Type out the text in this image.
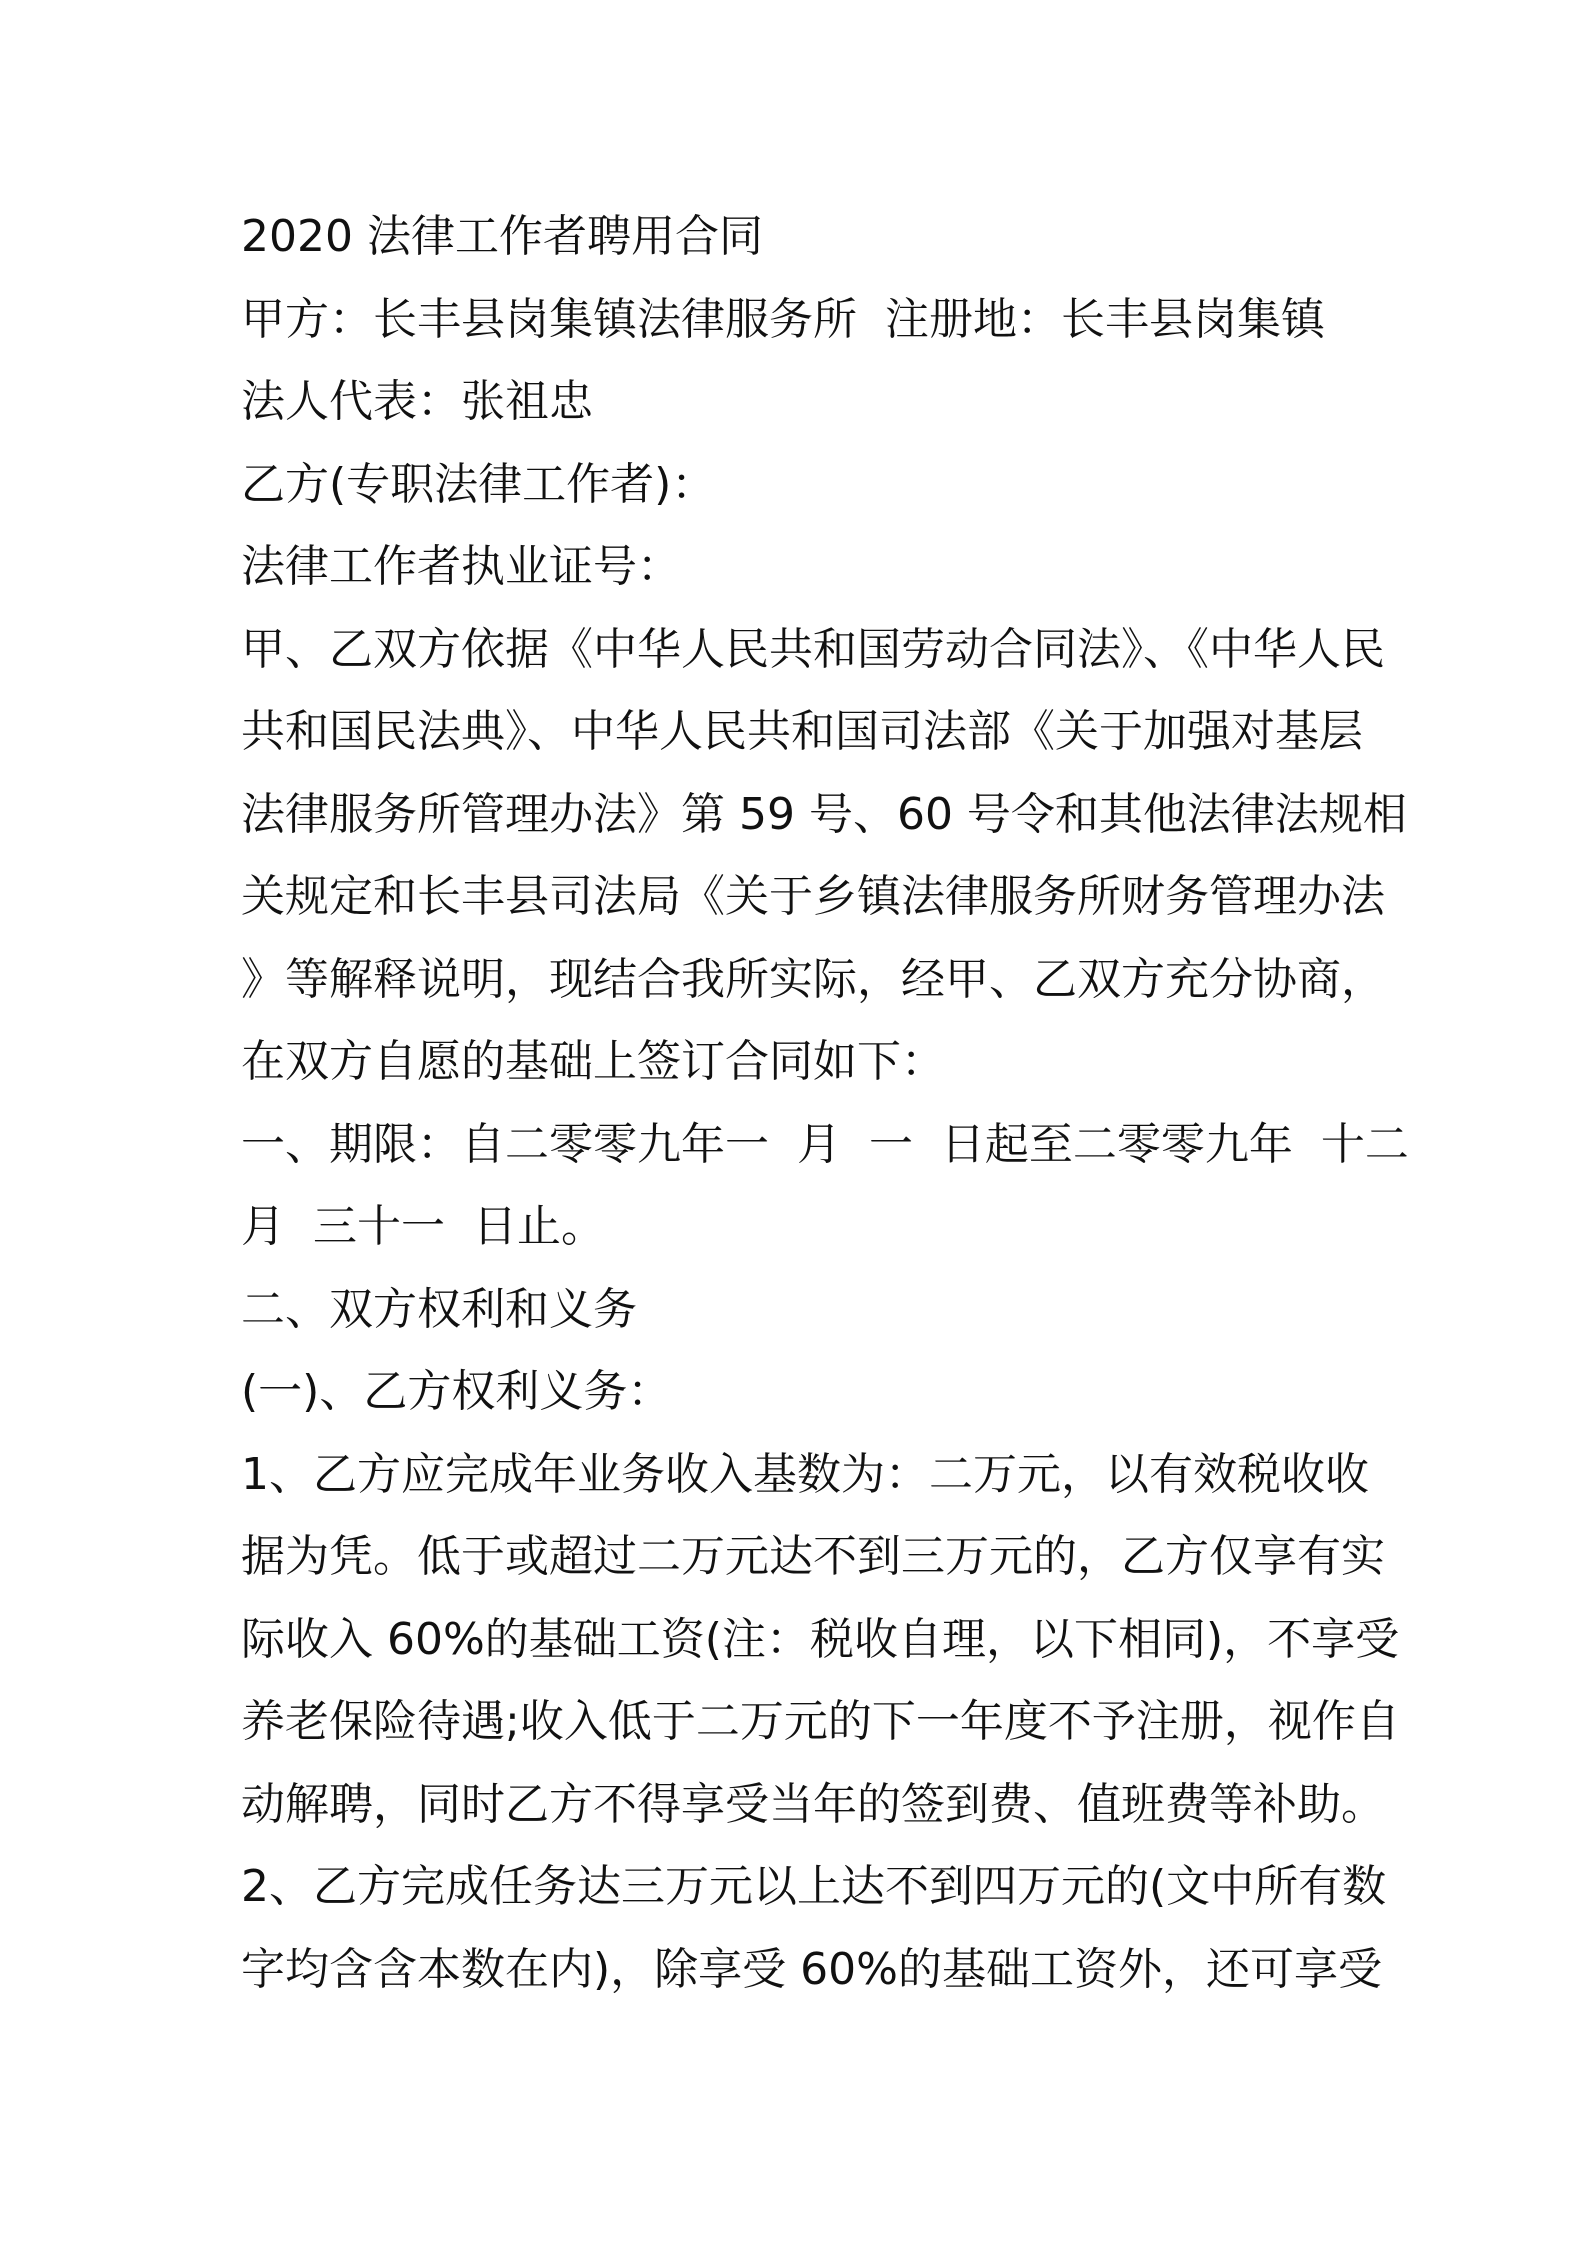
2020 法律工作者聘用合同
甲方：长丰县岗集镇法律服务所  注册地：长丰县岗集镇
法人代表：张祖忠
乙方(专职法律工作者)：
法律工作者执业证号：
甲、乙双方依据《中华人民共和国劳动合同法》、《中华人民
共和国民法典》、中华人民共和国司法部《关于加强对基层
法律服务所管理办法》第 59 号、60 号令和其他法律法规相
关规定和长丰县司法局《关于乡镇法律服务所财务管理办法
》等解释说明，现结合我所实际，经甲、乙双方充分协商，
在双方自愿的基础上签订合同如下：
一、期限：自二零零九年一  月  一  日起至二零零九年  十二
月  三十一  日止。
二、双方权利和义务
(一)、乙方权利义务：
1、乙方应完成年业务收入基数为：二万元，以有效税收收
据为凭。低于或超过二万元达不到三万元的，乙方仅享有实
际收入 60%的基础工资(注：税收自理，以下相同)，不享受
养老保险待遇;收入低于二万元的下一年度不予注册，视作自
动解聘，同时乙方不得享受当年的签到费、值班费等补助。
2、乙方完成任务达三万元以上达不到四万元的(文中所有数
字均含含本数在内)，除享受 60%的基础工资外，还可享受
